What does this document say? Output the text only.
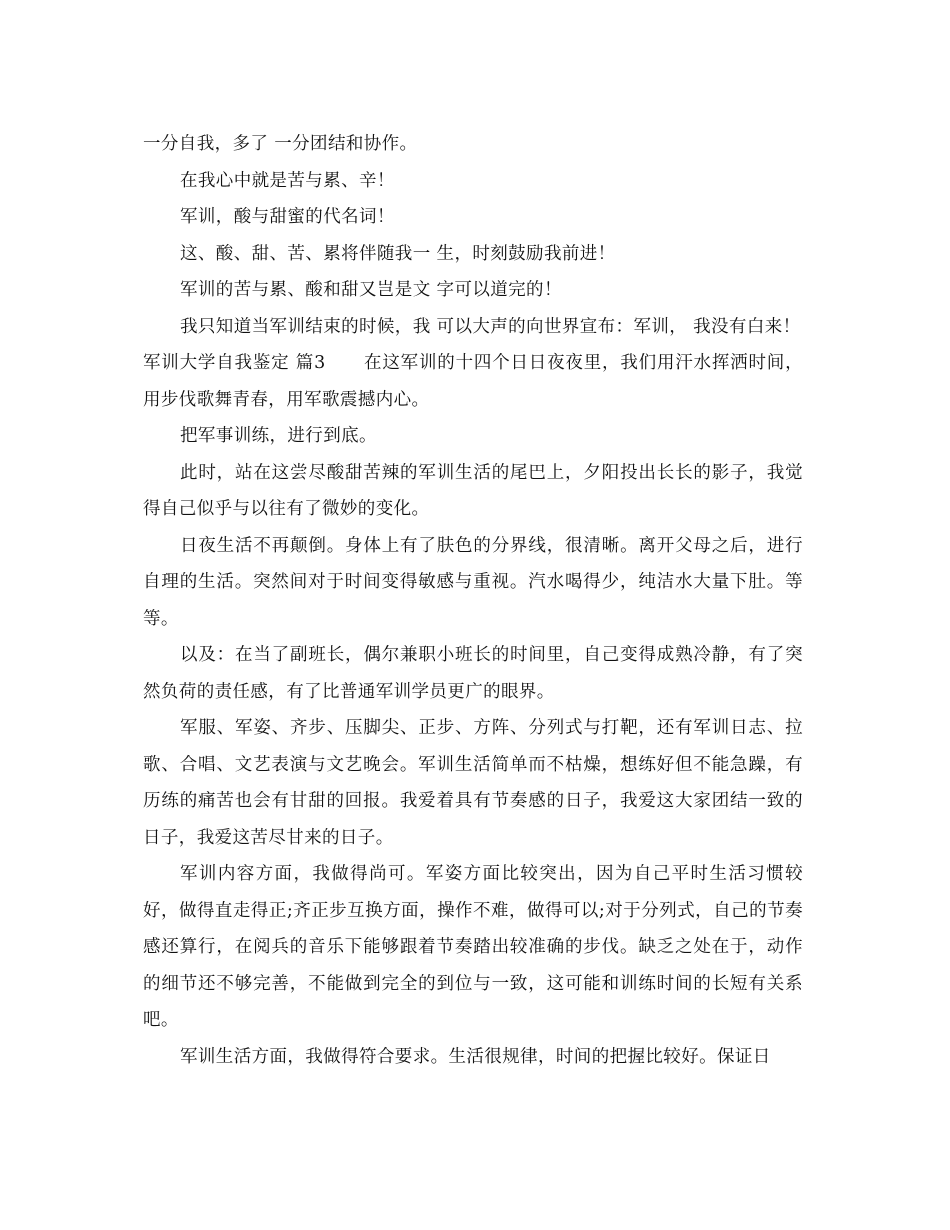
一分自我，多了 一分团结和协作。

在我心中就是苦与累、辛！

军训，酸与甜蜜的代名词！

这、酸、甜、苦、累将伴随我一 生，时刻鼓励我前进！

军训的苦与累、酸和甜又岂是文 字可以道完的！

我只知道当军训结束的时候，我 可以大声的向世界宣布：军训， 我没有白来！

军训大学自我鉴定 篇3 在这军训的十四个日日夜夜里，我们用汗水挥洒时间，用步伐歌舞青春，用军歌震撼内心。

把军事训练，进行到底。

此时，站在这尝尽酸甜苦辣的军训生活的尾巴上，夕阳投出长长的影子，我觉得自己似乎与以往有了微妙的变化。

日夜生活不再颠倒。身体上有了肤色的分界线，很清晰。离开父母之后，进行自理的生活。突然间对于时间变得敏感与重视。汽水喝得少，纯洁水大量下肚。等等。

以及：在当了副班长，偶尔兼职小班长的时间里，自己变得成熟冷静，有了突然负荷的责任感，有了比普通军训学员更广的眼界。

军服、军姿、齐步、压脚尖、正步、方阵、分列式与打靶，还有军训日志、拉歌、合唱、文艺表演与文艺晚会。军训生活简单而不枯燥，想练好但不能急躁，有历练的痛苦也会有甘甜的回报。我爱着具有节奏感的日子，我爱这大家团结一致的日子，我爱这苦尽甘来的日子。

军训内容方面，我做得尚可。军姿方面比较突出，因为自己平时生活习惯较好，做得直走得正;齐正步互换方面，操作不难，做得可以;对于分列式，自己的节奏感还算行，在阅兵的音乐下能够跟着节奏踏出较准确的步伐。缺乏之处在于，动作的细节还不够完善，不能做到完全的到位与一致，这可能和训练时间的长短有关系吧。

军训生活方面，我做得符合要求。生活很规律，时间的把握比较好。保证日
